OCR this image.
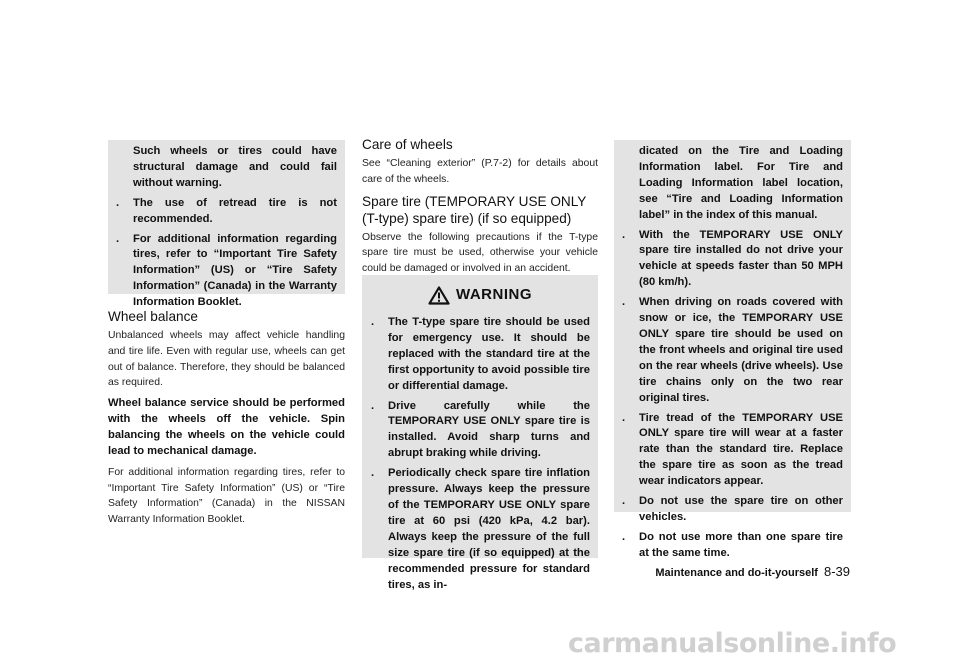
Such wheels or tires could have structural damage and could fail without warning.

.	The use of retread tire is not recommended.
.	For additional information regarding tires, refer to “Important Tire Safety Information” (US) or “Tire Safety Information” (Canada) in the Warranty Information Booklet.

Wheel balance

Unbalanced wheels may affect vehicle handling and tire life. Even with regular use, wheels can get out of balance. Therefore, they should be balanced as required.

Wheel balance service should be performed with the wheels off the vehicle. Spin balancing the wheels on the vehicle could lead to mechanical damage.

For additional information regarding tires, refer to “Important Tire Safety Information” (US) or “Tire Safety Information” (Canada) in the NISSAN Warranty Information Booklet.

Care of wheels

See “Cleaning exterior” (P.7-2) for details about care of the wheels.

Spare tire (TEMPORARY USE ONLY (T-type) spare tire) (if so equipped)

Observe the following precautions if the T-type spare tire must be used, otherwise your vehicle could be damaged or involved in an accident.

WARNING
.	The T-type spare tire should be used for emergency use. It should be replaced with the standard tire at the first opportunity to avoid possible tire or differential damage.
.	Drive carefully while the TEMPORARY USE ONLY spare tire is installed. Avoid sharp turns and abrupt braking while driving.
.	Periodically check spare tire inflation pressure. Always keep the pressure of the TEMPORARY USE ONLY spare tire at 60 psi (420 kPa, 4.2 bar). Always keep the pressure of the full size spare tire (if so equipped) at the recommended pressure for standard tires, as in-

dicated on the Tire and Loading Information label. For Tire and Loading Information label location, see “Tire and Loading Information label” in the index of this manual.

.	With the TEMPORARY USE ONLY spare tire installed do not drive your vehicle at speeds faster than 50 MPH (80 km/h).
.	When driving on roads covered with snow or ice, the TEMPORARY USE ONLY spare tire should be used on the front wheels and original tire used on the rear wheels (drive wheels). Use tire chains only on the two rear original tires.
.	Tire tread of the TEMPORARY USE ONLY spare tire will wear at a faster rate than the standard tire. Replace the spare tire as soon as the tread wear indicators appear.
.	Do not use the spare tire on other vehicles.
.	Do not use more than one spare tire at the same time.
Maintenance and do-it-yourself 8-39
carmanualsonline.info
